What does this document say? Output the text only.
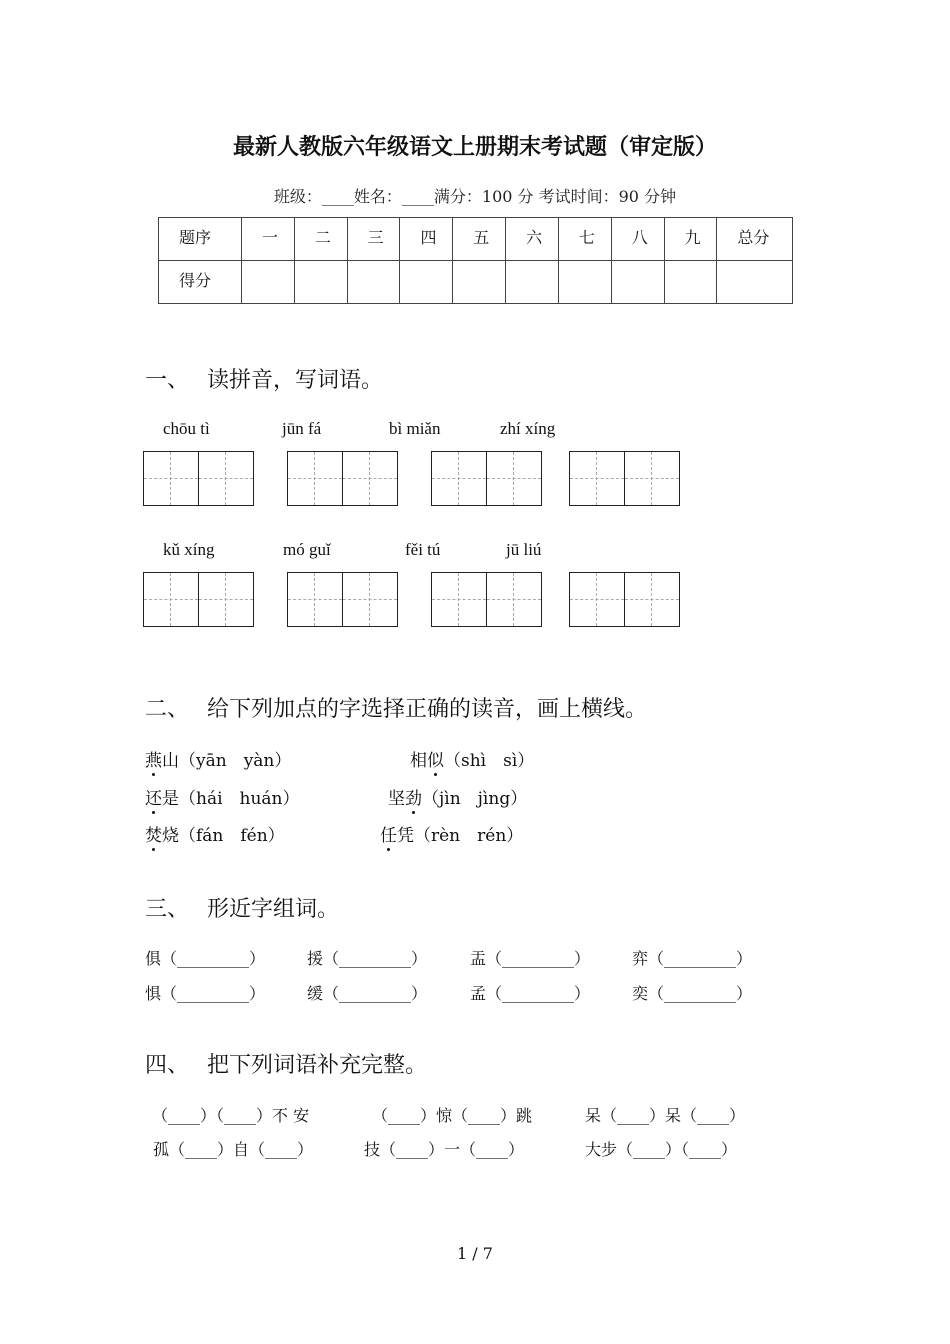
最新人教版六年级语文上册期末考试题（审定版）
班级：____姓名：____满分：100 分 考试时间：90 分钟
题序	一	二	三	四	五	六	七	八	九	总分
得分										
一、 读拼音，写词语。
chōu tì	jūn fá	bì miǎn	zhí xíng
kǔ xíng	mó guǐ	fěi tú	jū liú
二、 给下列加点的字选择正确的读音，画上横线。
燕山（yān　yàn）	相似（shì　sì）
还是（hái　huán）	坚劲（jìn　jìng）
焚烧（fán　fén）	任凭（rèn　rén）
三、 形近字组词。
俱（_________）	援（_________）	盂（_________）	弈（_________）
惧（_________）	缓（_________）	孟（_________）	奕（_________）
四、 把下列词语补充完整。
（____）（____）不 安	（____）惊（____）跳	呆（____）呆（____）
孤（____）自（____）	技（____）一（____）	大步（____）（____）
1 / 7
